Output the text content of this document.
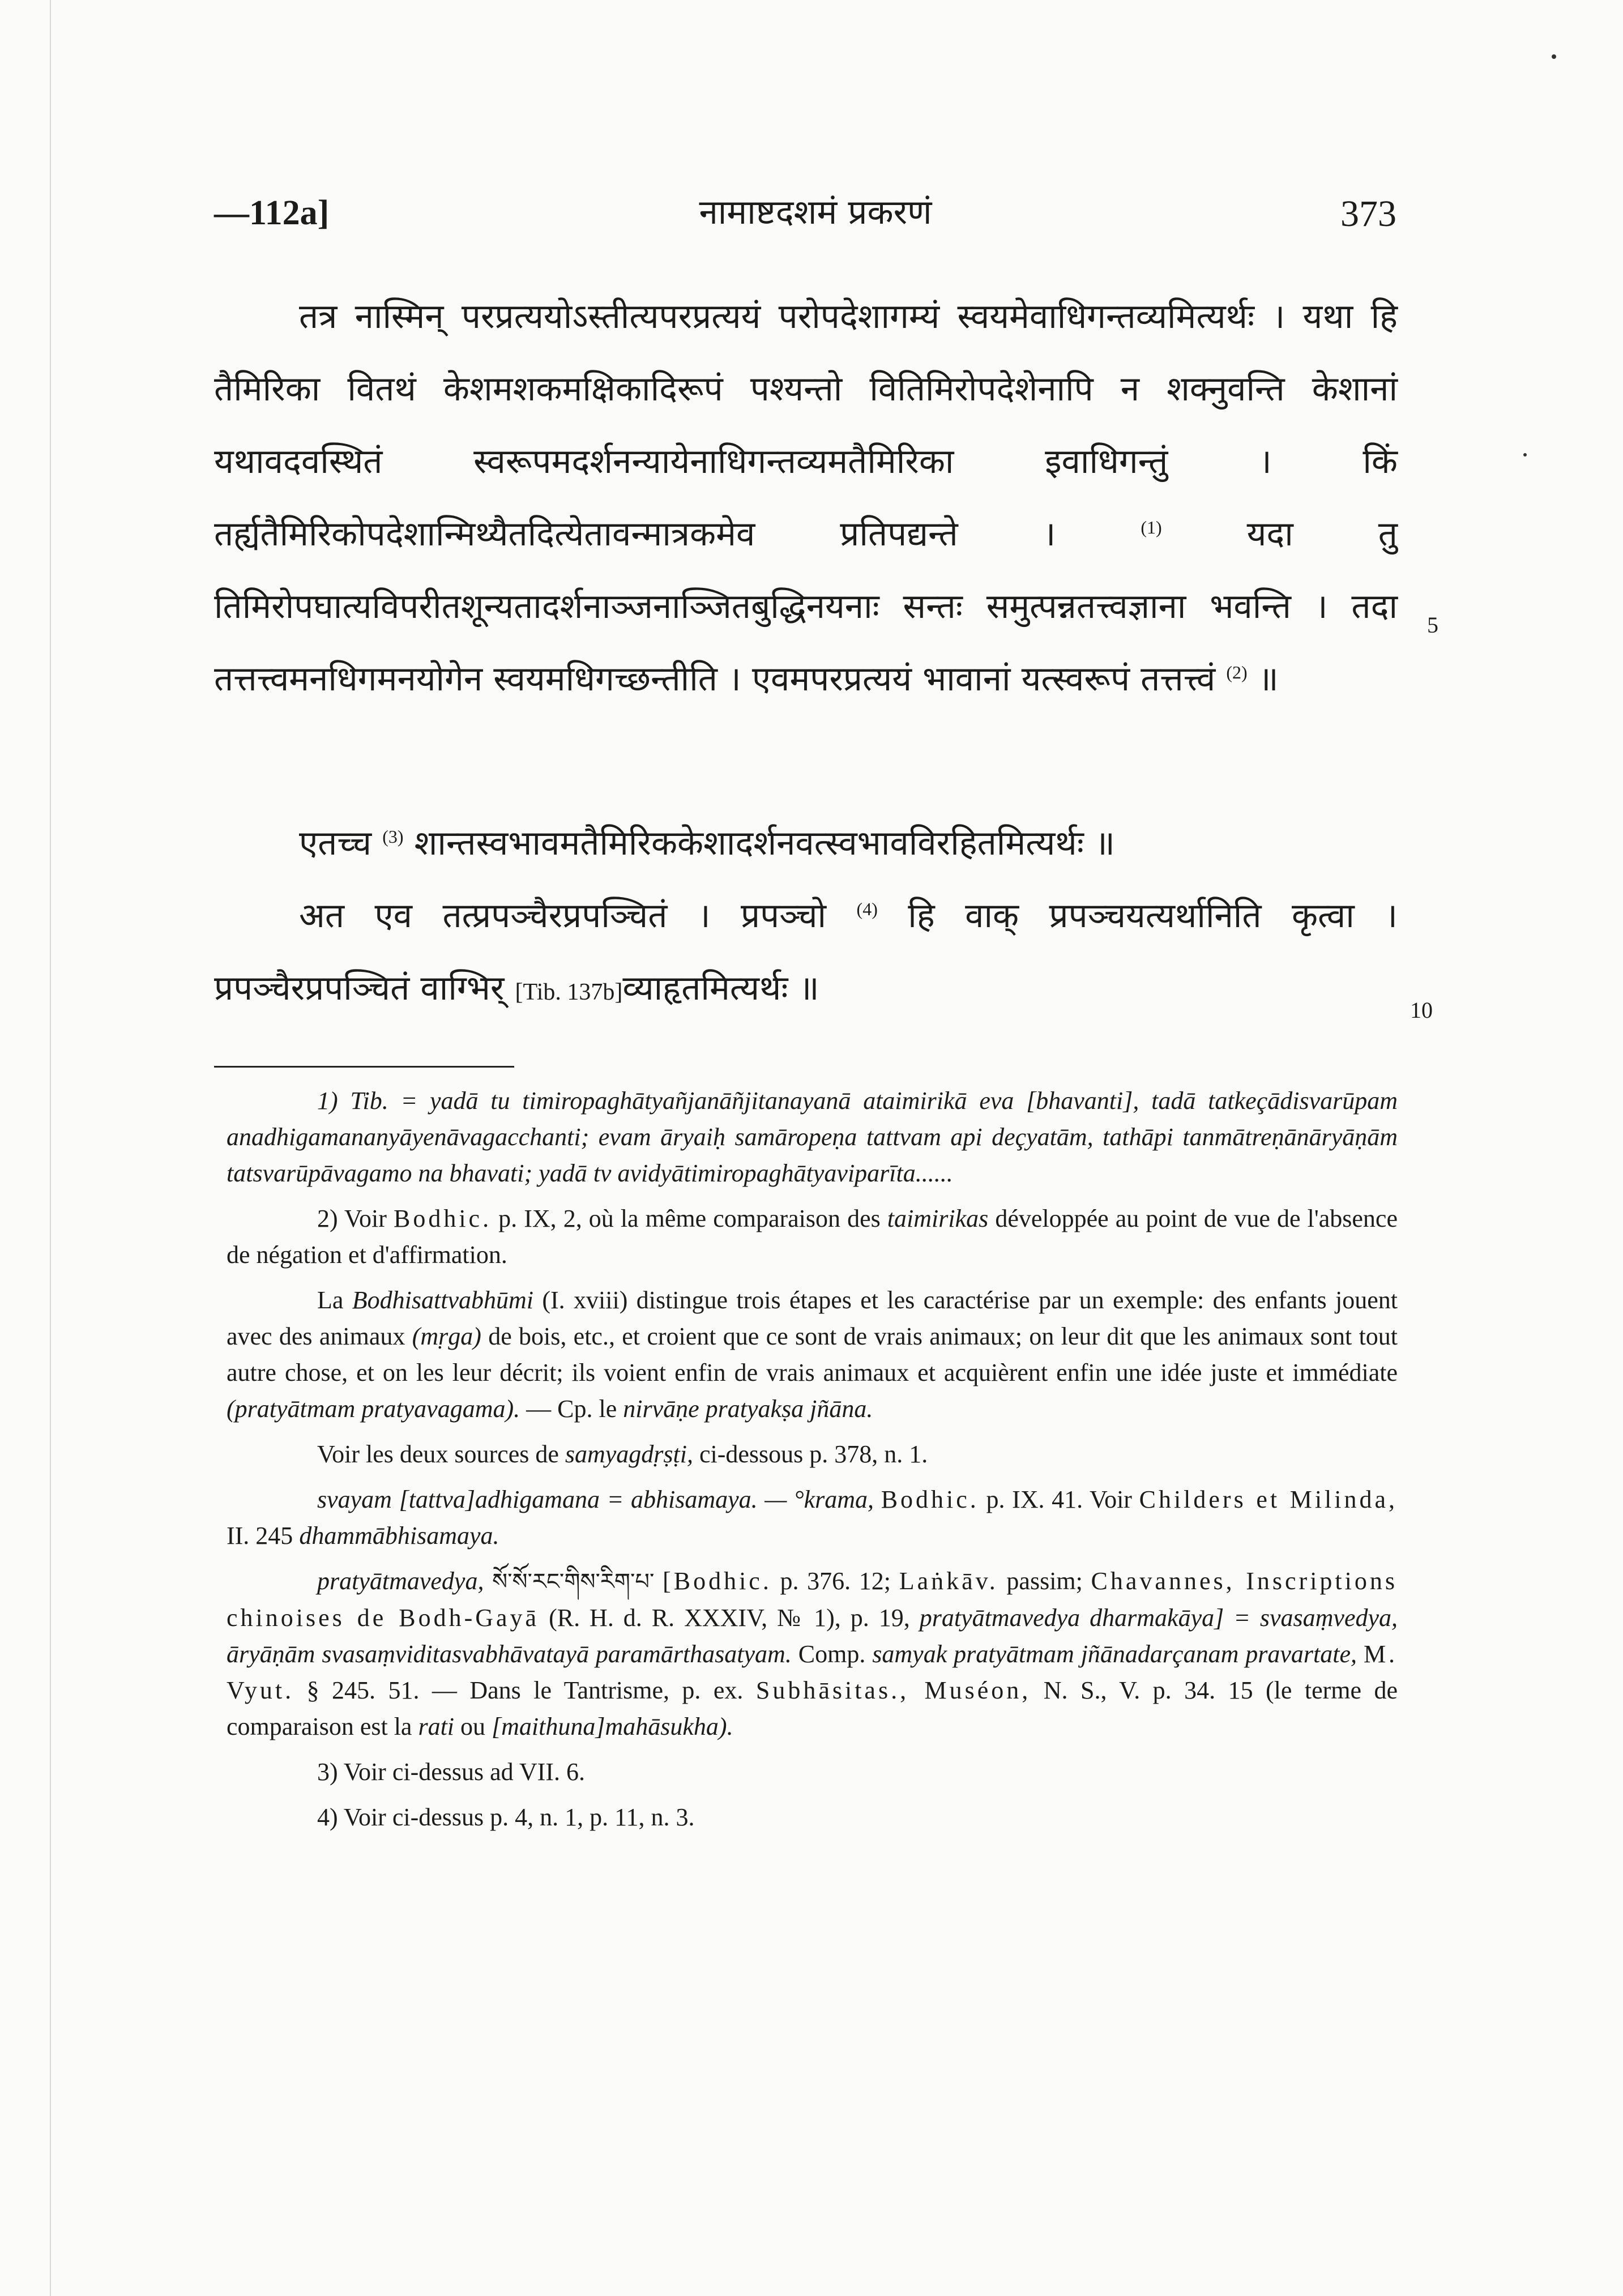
—112a]	नामाष्टदशमं प्रकरणं	373

तत्र नास्मिन् परप्रत्ययोऽस्तीत्यपरप्रत्ययं परोपदेशागम्यं स्वयमेवाधिगन्तव्यमित्यर्थः । यथा हि तैमिरिका वितथं केशमशकमक्षिकादिरूपं पश्यन्तो वितिमिरोपदेशेनापि न शक्नुवन्ति केशानां यथावदवस्थितं स्वरूपमदर्शनन्यायेनाधिगन्तव्यमतैमिरिका इवाधिगन्तुं । किं तर्ह्यतैमिरिकोपदेशान्मिथ्यैतदित्येतावन्मात्रकमेव प्रतिपद्यन्ते ।	$^{(1)}$ यदा तु तिमिरोपघात्यविपरीतशून्यतादर्शनाञ्जनाञ्जितबुद्धिनयनाः सन्तः समुत्पन्नतत्त्वज्ञाना भवन्ति । तदा तत्तत्त्वमनधिगमनयोगेन स्वयमधिगच्छन्तीति । एवमपरप्रत्ययं भावानां यत्स्वरूपं तत्तत्त्वं $^{(2)}$ ॥

5

एतच्च $^{(3)}$ शान्तस्वभावमतैमिरिककेशादर्शनवत्स्वभावविरहितमित्यर्थः ॥

अत एव तत्प्रपञ्चैरप्रपञ्चितं । प्रपञ्चो $^{(4)}$ हि वाक् प्रपञ्चयत्यर्थानिति कृत्वा । प्रपञ्चैरप्रपञ्चितं वाग्भिर् [Tib. 137b]व्याहृतमित्यर्थः ॥

10

1) Tib. = yadā tu timiropaghātyañjanāñjitanayanā ataimirikā eva [bhavanti], tadā tatkeçādisvarūpam anadhigamananyāyenāvagacchanti; evam āryaiḥ samāropeṇa tattvam api deçyatām, tathāpi tanmātreṇānāryāṇām tatsvarūpāvagamo na bhavati; yadā tv avidyātimiropaghātyaviparīta......

2) Voir Bodhic. p. IX, 2, où la même comparaison des taimirikas développée au point de vue de l'absence de négation et d'affirmation.

La Bodhisattvabhūmi (I. xviii) distingue trois étapes et les caractérise par un exemple: des enfants jouent avec des animaux (mṛga) de bois, etc., et croient que ce sont de vrais animaux; on leur dit que les animaux sont tout autre chose, et on les leur décrit; ils voient enfin de vrais animaux et acquièrent enfin une idée juste et immédiate (pratyātmam pratyavagama). — Cp. le nirvāṇe pratyakṣa jñāna.

Voir les deux sources de samyagdṛṣṭi, ci-dessous p. 378, n. 1.

svayam [tattva]adhigamana = abhisamaya. — °krama, Bodhic. p. IX. 41. Voir Childers et Milinda, II. 245 dhammābhisamaya.

pratyātmavedya, སོ་སོ་རང་གིས་རིག་པ་ [Bodhic. p. 376. 12; Laṅkāv. passim; Chavannes, Inscriptions chinoises de Bodh-Gayā (R. H. d. R. XXXIV, № 1), p. 19, pratyātmavedya dharmakāya] = svasaṃvedya, āryāṇām svasaṃviditasvabhāvatayā paramārthasatyam. Comp. samyak pratyātmam jñānadarçanam pravartate, M. Vyut. § 245. 51. — Dans le Tantrisme, p. ex. Subhāsitas., Muséon, N. S., V. p. 34. 15 (le terme de comparaison est la rati ou [maithuna]mahāsukha).

3) Voir ci-dessus ad VII. 6.

4) Voir ci-dessus p. 4, n. 1, p. 11, n. 3.
